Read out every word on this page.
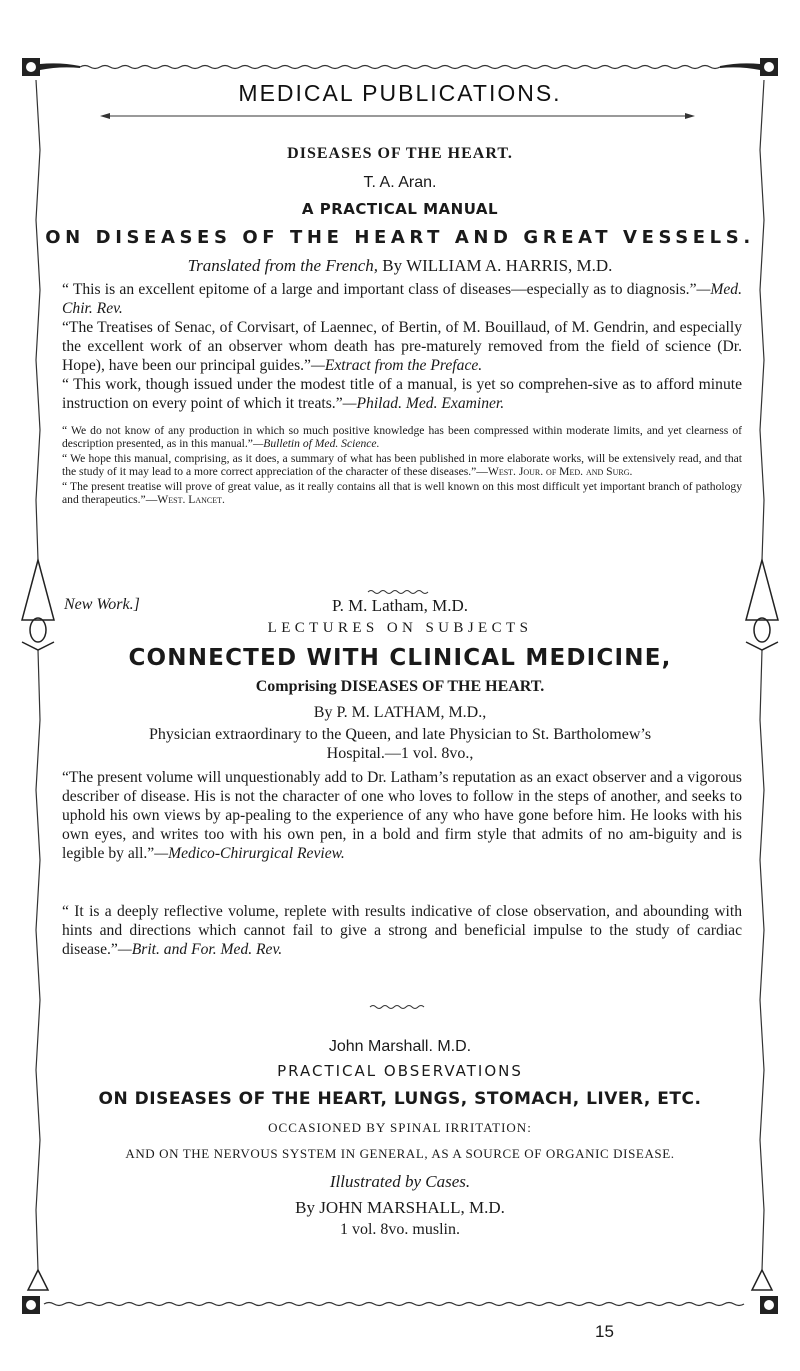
MEDICAL PUBLICATIONS.
DISEASES OF THE HEART.
T. A. Aran.
A PRACTICAL MANUAL
ON DISEASES OF THE HEART AND GREAT VESSELS.
Translated from the French, By WILLIAM A. HARRIS, M.D.

“ This is an excellent epitome of a large and important class of diseases—especially as to diagnosis.”—Med. Chir. Rev.

“The Treatises of Senac, of Corvisart, of Laennec, of Bertin, of M. Bouillaud, of M. Gendrin, and especially the excellent work of an observer whom death has pre-maturely removed from the field of science (Dr. Hope), have been our principal guides.”—Extract from the Preface.

“ This work, though issued under the modest title of a manual, is yet so comprehen-sive as to afford minute instruction on every point of which it treats.”—Philad. Med. Examiner.

“ We do not know of any production in which so much positive knowledge has been compressed within moderate limits, and yet clearness of description presented, as in this manual.”—Bulletin of Med. Science.

“ We hope this manual, comprising, as it does, a summary of what has been published in more elaborate works, will be extensively read, and that the study of it may lead to a more correct appreciation of the character of these diseases.”—West. Jour. of Med. and Surg.

“ The present treatise will prove of great value, as it really contains all that is well known on this most difficult yet important branch of pathology and therapeutics.”—West. Lancet.

New Work.]	P. M. Latham, M.D.
LECTURES ON SUBJECTS
CONNECTED WITH CLINICAL MEDICINE,
Comprising DISEASES OF THE HEART.
By P. M. LATHAM, M.D.,
Physician extraordinary to the Queen, and late Physician to St. Bartholomew’s
Hospital.—1 vol. 8vo.,

“The present volume will unquestionably add to Dr. Latham’s reputation as an exact observer and a vigorous describer of disease. His is not the character of one who loves to follow in the steps of another, and seeks to uphold his own views by ap-pealing to the experience of any who have gone before him. He looks with his own eyes, and writes too with his own pen, in a bold and firm style that admits of no am-biguity and is legible by all.”—Medico-Chirurgical Review.

“ It is a deeply reflective volume, replete with results indicative of close observation, and abounding with hints and directions which cannot fail to give a strong and beneficial impulse to the study of cardiac disease.”—Brit. and For. Med. Rev.

John Marshall. M.D.
PRACTICAL OBSERVATIONS
ON DISEASES OF THE HEART, LUNGS, STOMACH, LIVER, ETC.
OCCASIONED BY SPINAL IRRITATION:
AND ON THE NERVOUS SYSTEM IN GENERAL, AS A SOURCE OF ORGANIC DISEASE.
Illustrated by Cases.
By JOHN MARSHALL, M.D.
1 vol. 8vo. muslin.
15
